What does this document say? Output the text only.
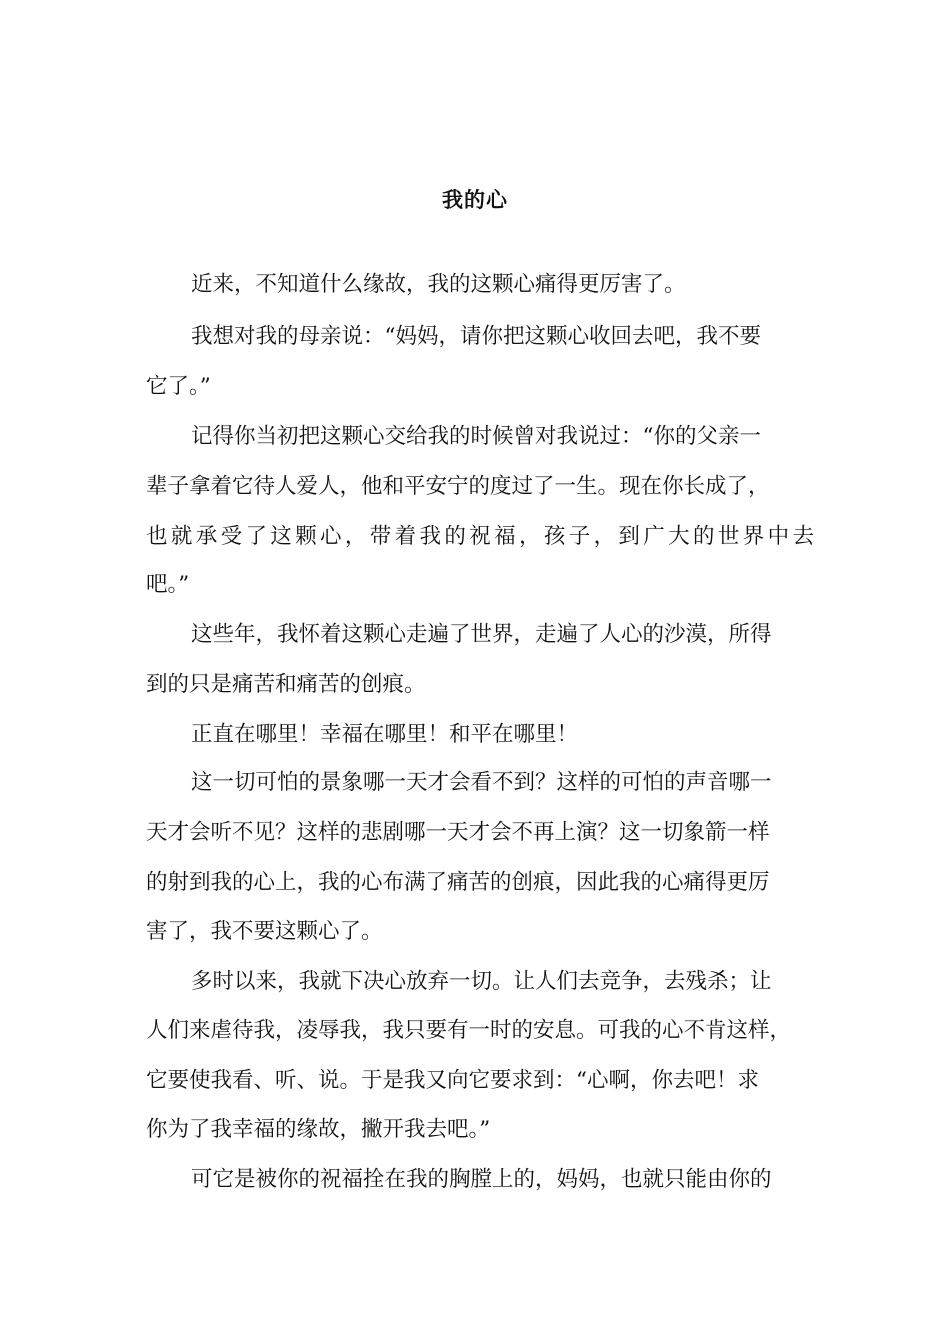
我的心
近来，不知道什么缘故，我的这颗心痛得更厉害了。
我想对我的母亲说：“妈妈，请你把这颗心收回去吧，我不要
它了。”
记得你当初把这颗心交给我的时候曾对我说过：“你的父亲一
辈子拿着它待人爱人，他和平安宁的度过了一生。现在你长成了，
也就承受了这颗心，带着我的祝福，孩子，到广大的世界中去
吧。”
这些年，我怀着这颗心走遍了世界，走遍了人心的沙漠，所得
到的只是痛苦和痛苦的创痕。
正直在哪里！幸福在哪里！和平在哪里！
这一切可怕的景象哪一天才会看不到？这样的可怕的声音哪一
天才会听不见？这样的悲剧哪一天才会不再上演？这一切象箭一样
的射到我的心上，我的心布满了痛苦的创痕，因此我的心痛得更厉
害了，我不要这颗心了。
多时以来，我就下决心放弃一切。让人们去竞争，去残杀；让
人们来虐待我，凌辱我，我只要有一时的安息。可我的心不肯这样，
它要使我看、听、说。于是我又向它要求到：“心啊，你去吧！求
你为了我幸福的缘故，撇开我去吧。”
可它是被你的祝福拴在我的胸膛上的，妈妈，也就只能由你的
